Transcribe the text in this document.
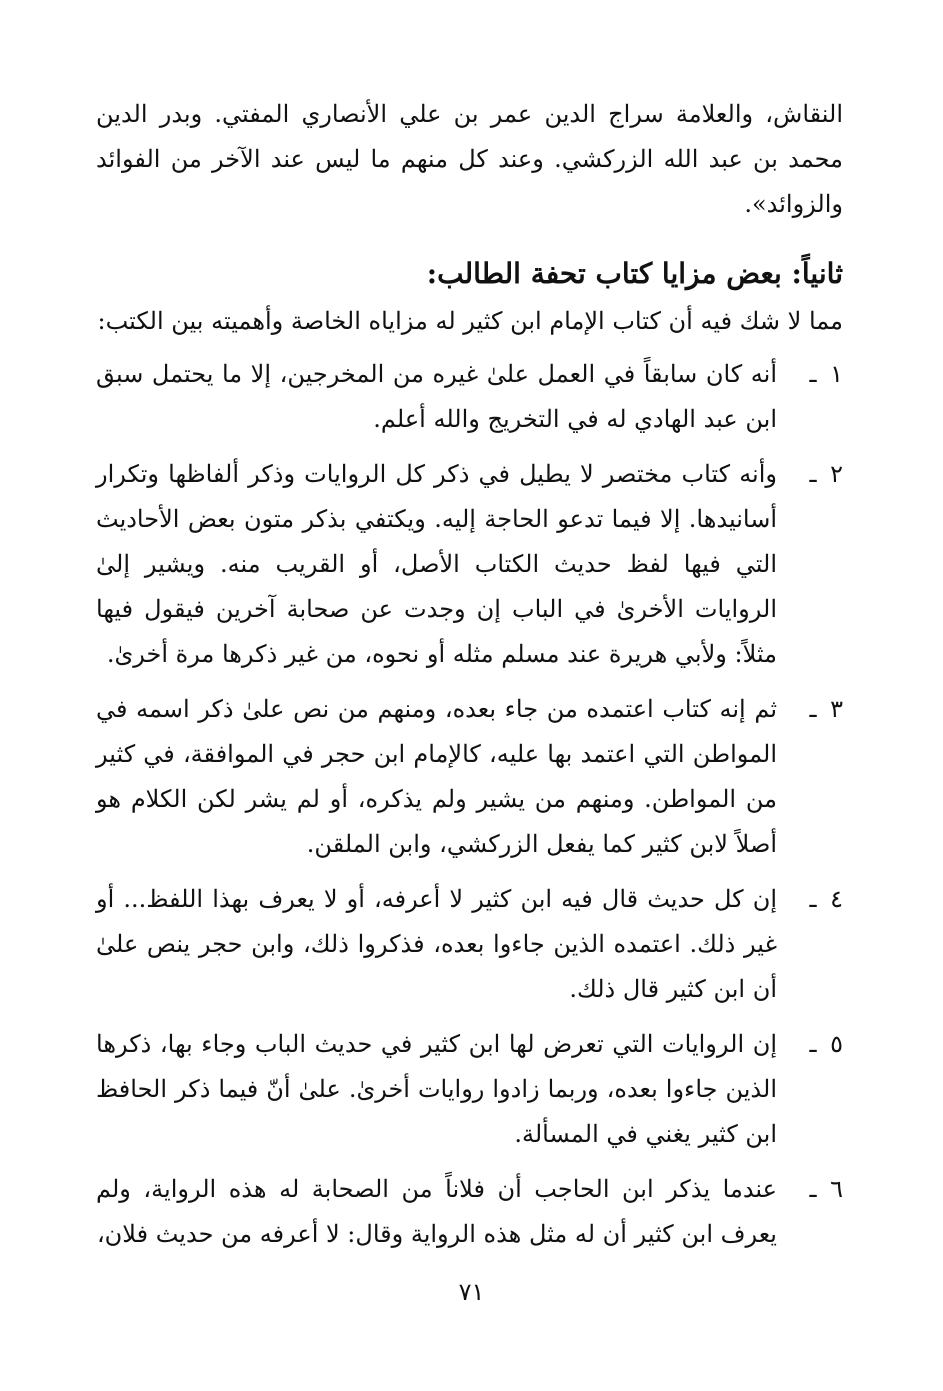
النقاش، والعلامة سراج الدين عمر بن علي الأنصاري المفتي. وبدر الدين محمد بن عبد الله الزركشي. وعند كل منهم ما ليس عند الآخر من الفوائد والزوائد».

ثانياً: بعض مزايا كتاب تحفة الطالب:

مما لا شك فيه أن كتاب الإمام ابن كثير له مزاياه الخاصة وأهميته بين الكتب:

١ ـ

أنه كان سابقاً في العمل علىٰ غيره من المخرجين، إلا ما يحتمل سبق ابن عبد الهادي له في التخريج والله أعلم.

٢ ـ

وأنه كتاب مختصر لا يطيل في ذكر كل الروايات وذكر ألفاظها وتكرار أسانيدها. إلا فيما تدعو الحاجة إليه. ويكتفي بذكر متون بعض الأحاديث التي فيها لفظ حديث الكتاب الأصل، أو القريب منه. ويشير إلىٰ الروايات الأخرىٰ في الباب إن وجدت عن صحابة آخرين فيقول فيها مثلاً: ولأبي هريرة عند مسلم مثله أو نحوه، من غير ذكرها مرة أخرىٰ.

٣ ـ

ثم إنه كتاب اعتمده من جاء بعده، ومنهم من نص علىٰ ذكر اسمه في المواطن التي اعتمد بها عليه، كالإمام ابن حجر في الموافقة، في كثير من المواطن. ومنهم من يشير ولم يذكره، أو لم يشر لكن الكلام هو أصلاً لابن كثير كما يفعل الزركشي، وابن الملقن.

٤ ـ

إن كل حديث قال فيه ابن كثير لا أعرفه، أو لا يعرف بهذا اللفظ... أو غير ذلك. اعتمده الذين جاءوا بعده، فذكروا ذلك، وابن حجر ينص علىٰ أن ابن كثير قال ذلك.

٥ ـ

إن الروايات التي تعرض لها ابن كثير في حديث الباب وجاء بها، ذكرها الذين جاءوا بعده، وربما زادوا روايات أخرىٰ. علىٰ أنّ فيما ذكر الحافظ ابن كثير يغني في المسألة.

٦ ـ

عندما يذكر ابن الحاجب أن فلاناً من الصحابة له هذه الرواية، ولم يعرف ابن كثير أن له مثل هذه الرواية وقال: لا أعرفه من حديث فلان،

٧١
